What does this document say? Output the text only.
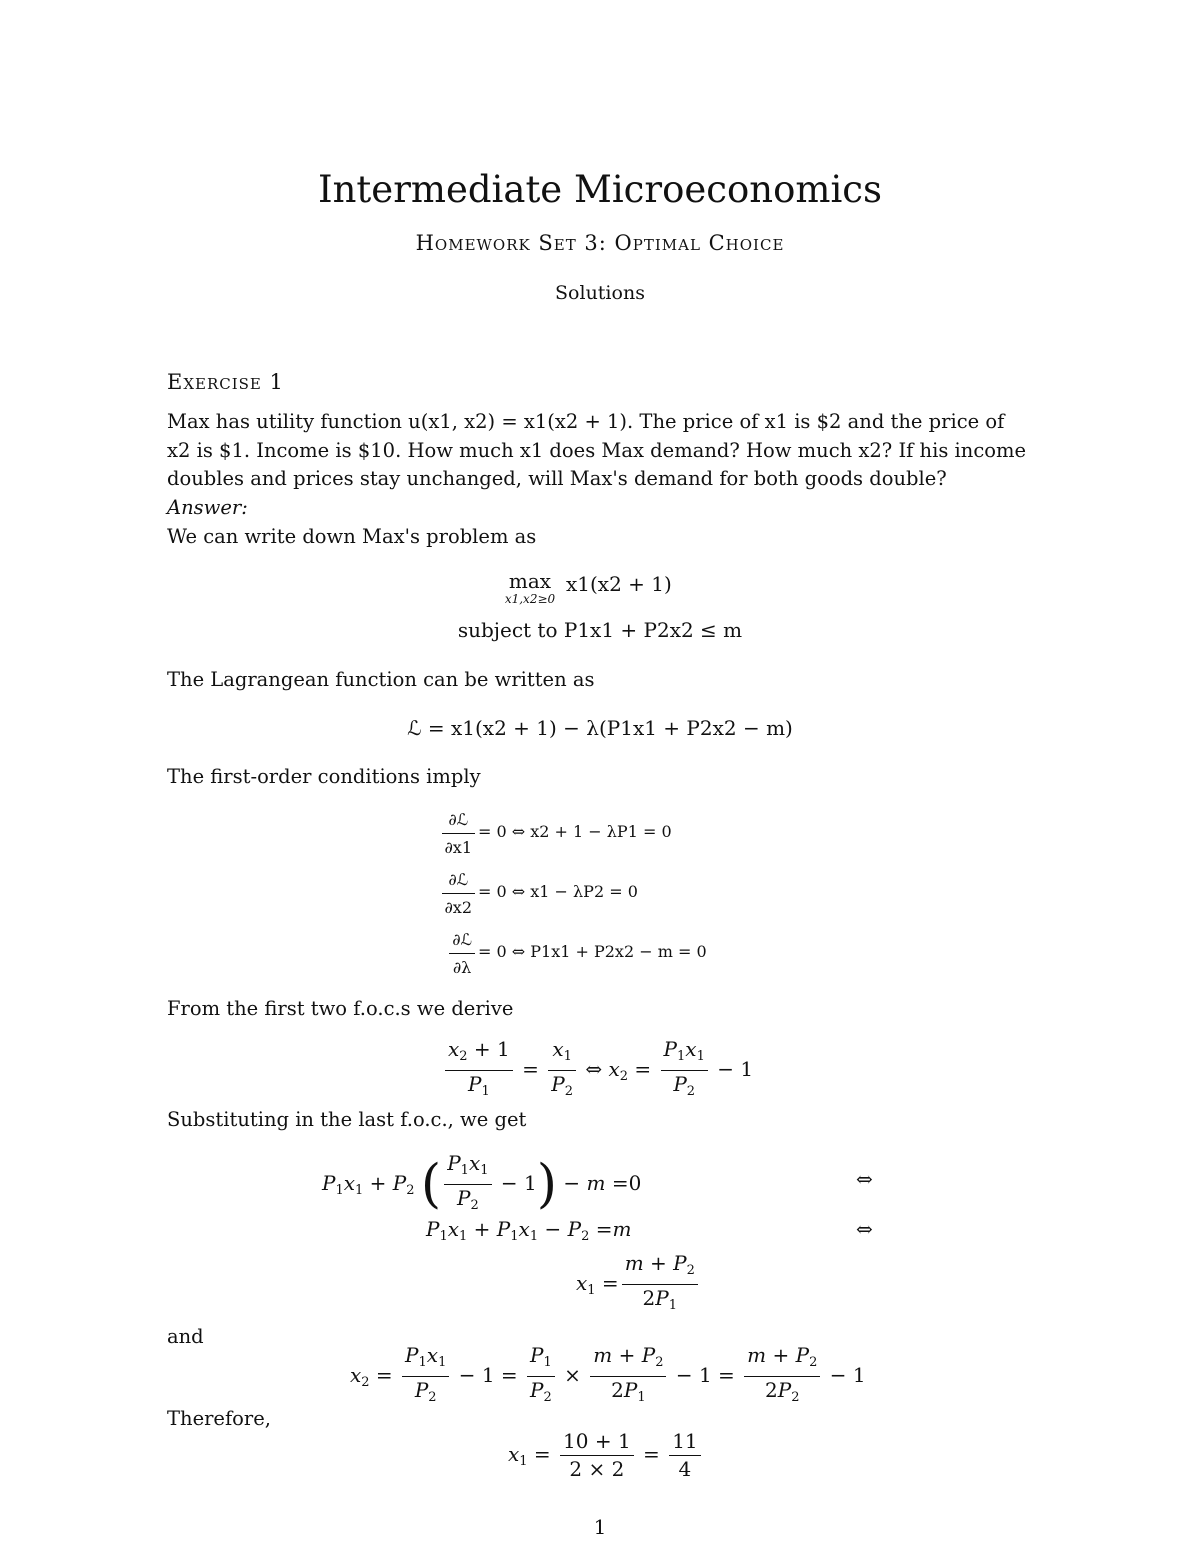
Intermediate Microeconomics
Homework Set 3: Optimal Choice
Solutions
Exercise 1
Max has utility function u(x1, x2) = x1(x2 + 1). The price of x1 is $2 and the price of
x2 is $1. Income is $10. How much x1 does Max demand? How much x2? If his income
doubles and prices stay unchanged, will Max's demand for both goods double?
Answer:
We can write down Max's problem as
max
x1,x2≥0
x1(x2 + 1)
subject to P1x1 + P2x2 ≤ m
The Lagrangean function can be written as
ℒ = x1(x2 + 1) − λ(P1x1 + P2x2 − m)
The first-order conditions imply
∂ℒ
∂x1
= 0 ⇔ x2 + 1 − λP1 = 0
∂ℒ
∂x2
= 0 ⇔ x1 − λP2 = 0
∂ℒ
∂λ
= 0 ⇔ P1x1 + P2x2 − m = 0
From the first two f.o.c.s we derive
$\frac{x_2 + 1}{P_1} = \frac{x_1}{P_2}$ ⇔ $x_2 = \frac{P_1x_1}{P_2} - 1$
Substituting in the last f.o.c., we get
$P_1x_1 + P_2$ ( $\frac{P_1x_1}{P_2} - 1) - m =0$	⇔
$P_1x_1 + P_1x_1 - P_2 =m$	⇔
$x_1 = \frac{m + P_2}{2P_1}$
and
$x_2 = \frac{P_1x_1}{P_2} - 1 = \frac{P_1}{P_2} \times \frac{m + P_2}{2P_1} - 1 = \frac{m + P_2}{2P_2} - 1$
Therefore,
$x_1 = \frac{10 + 1}{2 \times 2} = \frac{11}{4}$
1
